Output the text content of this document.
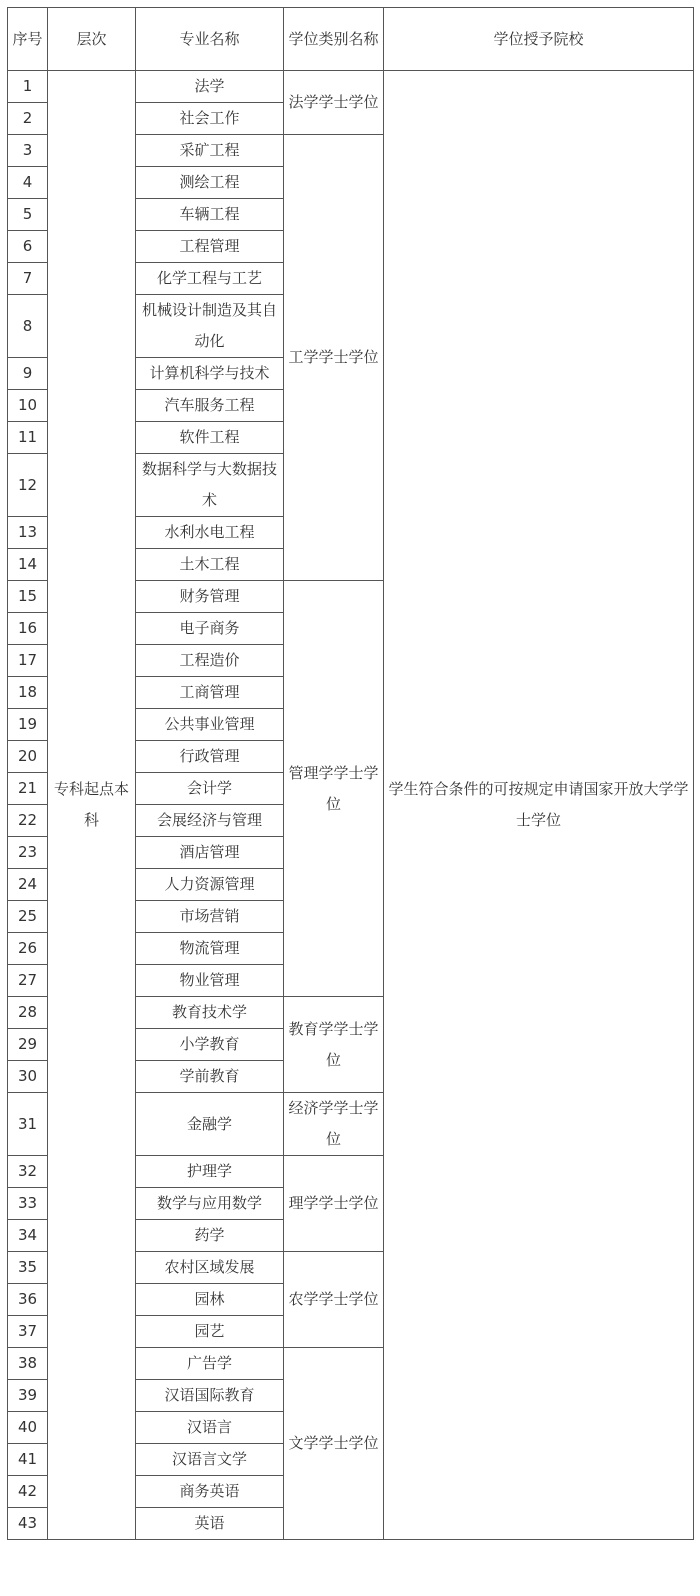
序号	层次	专业名称	学位类别名称	学位授予院校
1	专科起点本科	法学	法学学士学位	学生符合条件的可按规定申请国家开放大学学士学位
2		社会工作		
3		采矿工程	工学学士学位	
4		测绘工程		
5		车辆工程		
6		工程管理		
7		化学工程与工艺		
8		机械设计制造及其自动化		

9		计算机科学与技术		

10		汽车服务工程		
11		软件工程		
12		数据科学与大数据技术		

13		水利水电工程		
14		土木工程		
15		财务管理	管理学学士学位	
16		电子商务		
17		工程造价		
18		工商管理		
19		公共事业管理		
20		行政管理		
21		会计学		
22		会展经济与管理		
23		酒店管理		
24		人力资源管理		
25		市场营销		
26		物流管理		
27		物业管理		
28		教育技术学	教育学学士学位	
29		小学教育		
30		学前教育		
31		金融学	经济学学士学位	

32		护理学	理学学士学位	
33		数学与应用数学		
34		药学		
35		农村区域发展	农学学士学位	
36		园林		
37		园艺		
38		广告学	文学学士学位	
39		汉语国际教育		
40		汉语言		
41		汉语言文学		
42		商务英语		
43		英语		
